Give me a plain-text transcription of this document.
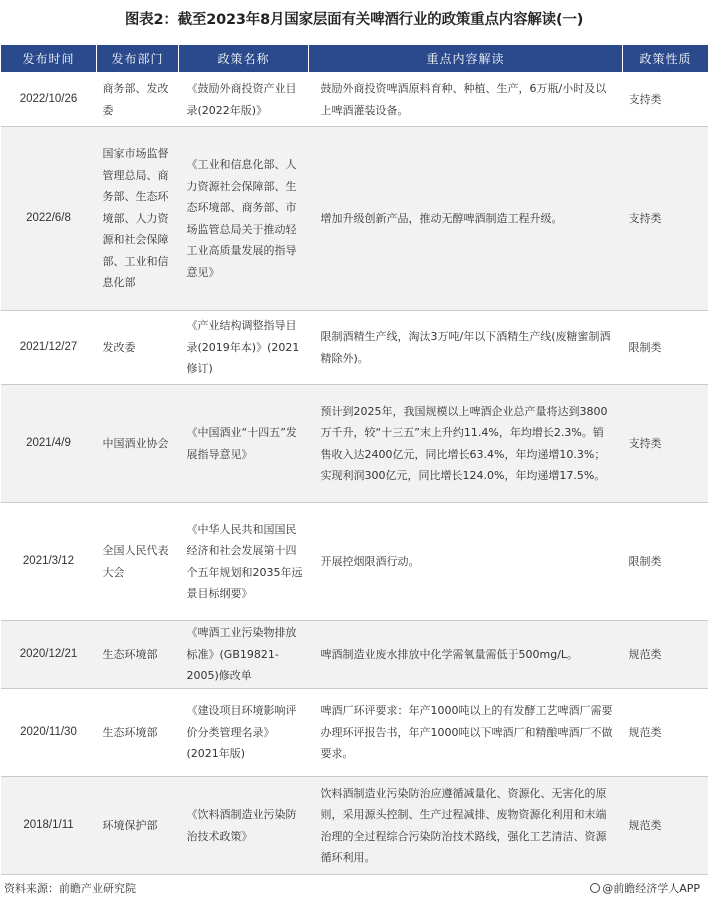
图表2：截至2023年8月国家层面有关啤酒行业的政策重点内容解读(一)
发布时间	发布部门	政策名称	重点内容解读	政策性质
2022/10/26	商务部、发改委	《鼓励外商投资产业目录(2022年版)》	鼓励外商投资啤酒原料育种、种植、生产，6万瓶/小时及以上啤酒灌装设备。	支持类
2022/6/8	国家市场监督管理总局、商务部、生态环境部、人力资源和社会保障部、工业和信息化部	《工业和信息化部、人力资源社会保障部、生态环境部、商务部、市场监管总局关于推动轻工业高质量发展的指导意见》	增加升级创新产品，推动无醇啤酒制造工程升级。	支持类
2021/12/27	发改委	《产业结构调整指导目录(2019年本)》(2021修订)	限制酒精生产线，淘汰3万吨/年以下酒精生产线(废糖蜜制酒精除外)。	限制类
2021/4/9	中国酒业协会	《中国酒业“十四五”发展指导意见》	预计到2025年，我国规模以上啤酒企业总产量将达到3800万千升，较“十三五”末上升约11.4%，年均增长2.3%。销售收入达2400亿元，同比增长63.4%，年均递增10.3%；实现利润300亿元，同比增长124.0%，年均递增17.5%。	支持类
2021/3/12	全国人民代表大会	《中华人民共和国国民经济和社会发展第十四个五年规划和2035年远景目标纲要》	开展控烟限酒行动。	限制类
2020/12/21	生态环境部	《啤酒工业污染物排放标准》(GB19821-2005)修改单	啤酒制造业废水排放中化学需氧量需低于500mg/L。	规范类
2020/11/30	生态环境部	《建设项目环境影响评价分类管理名录》(2021年版)	啤酒厂环评要求：年产1000吨以上的有发酵工艺啤酒厂需要办理环评报告书，年产1000吨以下啤酒厂和精酿啤酒厂不做要求。	规范类
2018/1/11	环境保护部	《饮料酒制造业污染防治技术政策》	饮料酒制造业污染防治应遵循减量化、资源化、无害化的原则，采用源头控制、生产过程减排、废物资源化利用和末端治理的全过程综合污染防治技术路线，强化工艺清洁、资源循环利用。	规范类
资料来源：前瞻产业研究院	@前瞻经济学人APP
